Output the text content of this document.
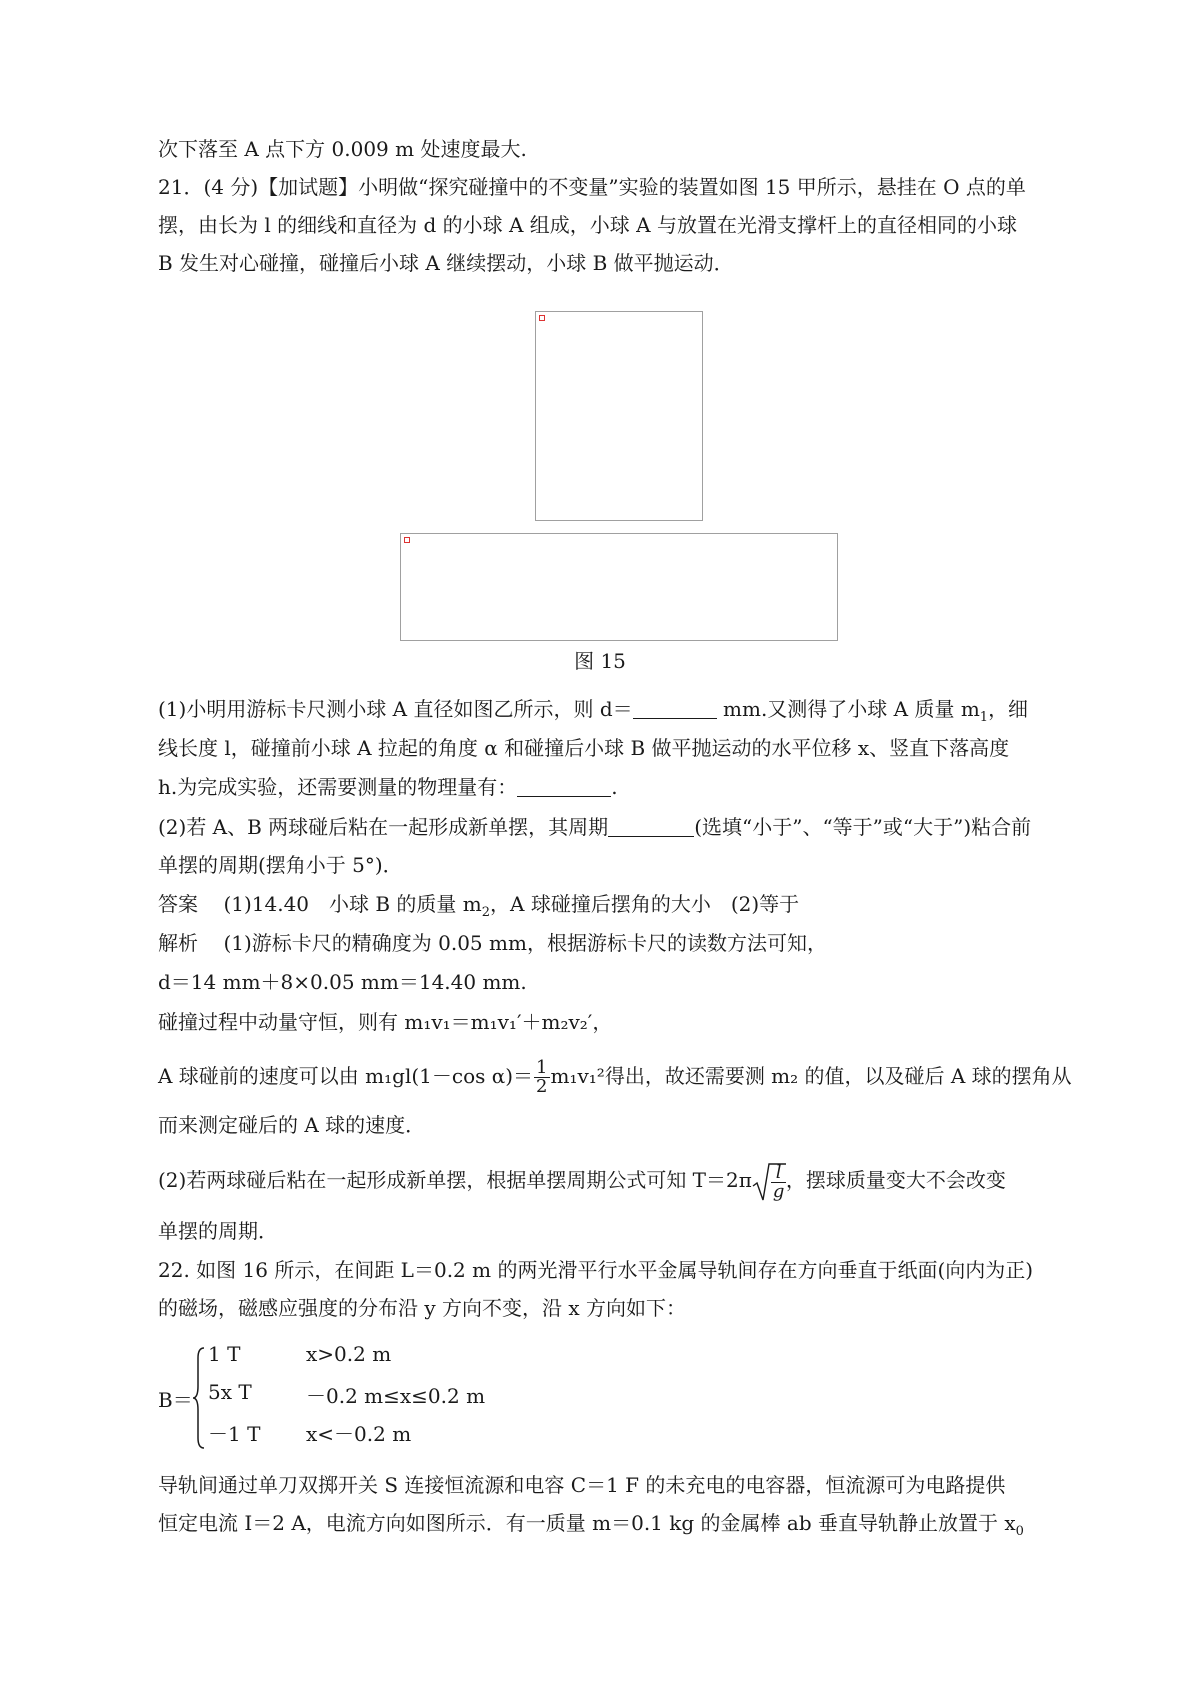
次下落至 A 点下方 0.009 m 处速度最大.
21．(4 分)【加试题】小明做“探究碰撞中的不变量”实验的装置如图 15 甲所示，悬挂在 O 点的单
摆，由长为 l 的细线和直径为 d 的小球 A 组成，小球 A 与放置在光滑支撑杆上的直径相同的小球
B 发生对心碰撞，碰撞后小球 A 继续摆动，小球 B 做平抛运动．
图 15
(1)小明用游标卡尺测小球 A 直径如图乙所示，则 d＝	mm.又测得了小球 A 质量 $m_1$，细
线长度 l，碰撞前小球 A 拉起的角度 α 和碰撞后小球 B 做平抛运动的水平位移 x、竖直下落高度
h.为完成实验，还需要测量的物理量有：	.
(2)若 A、B 两球碰后粘在一起形成新单摆，其周期	(选填“小于”、“等于”或“大于”)粘合前
单摆的周期(摆角小于 5°)．
答案 (1)14.40　小球 B 的质量 $m_2$，A 球碰撞后摆角的大小　(2)等于
解析 (1)游标卡尺的精确度为 0.05 mm，根据游标卡尺的读数方法可知，
d＝14 mm＋8×0.05 mm＝14.40 mm.
碰撞过程中动量守恒，则有 m₁v₁＝m₁v₁′＋m₂v₂′，
A 球碰前的速度可以由 m₁gl(1－cos $\alpha)= \frac{1}{2} m_1v_1^2$得出，故还需要测 m₂ 的值，以及碰后 A 球的摆角从
而来测定碰后的 A 球的速度．
(2)若两球碰后粘在一起形成新单摆，根据单摆周期公式可知 $T=2\pi \frac{l}{g}$ ，摆球质量变大不会改变
单摆的周期．
22. 如图 16 所示，在间距 L＝0.2 m 的两光滑平行水平金属导轨间存在方向垂直于纸面(向内为正)
的磁场，磁感应强度的分布沿 y 方向不变，沿 x 方向如下：
B＝
1 T	x>0.2 m
5x T	－0.2 m≤x≤0.2 m
－1 T x<－0.2 m
导轨间通过单刀双掷开关 S 连接恒流源和电容 C＝1 F 的未充电的电容器，恒流源可为电路提供
恒定电流 I＝2 A，电流方向如图所示．有一质量 m＝0.1 kg 的金属棒 ab 垂直导轨静止放置于 $x_0$
